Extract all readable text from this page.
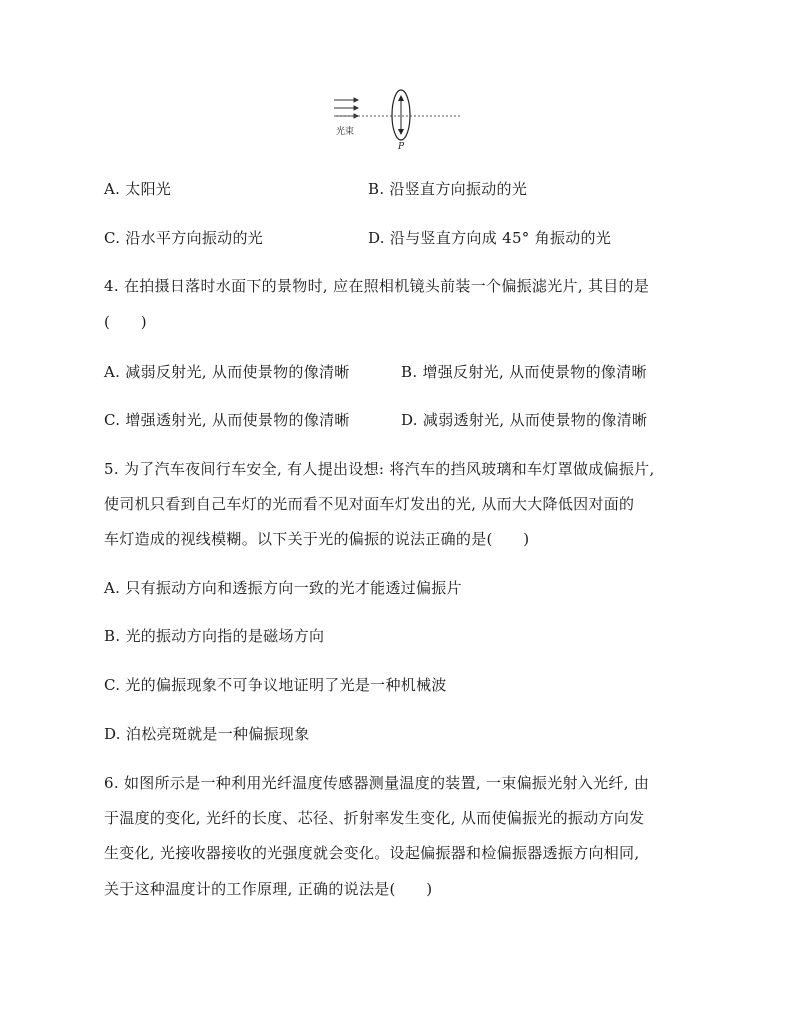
光束
P
A. 太阳光	B. 沿竖直方向振动的光
C. 沿水平方向振动的光	D. 沿与竖直方向成 45° 角振动的光
4. 在拍摄日落时水面下的景物时, 应在照相机镜头前装一个偏振滤光片, 其目的是
(　　)
A. 减弱反射光, 从而使景物的像清晰	B. 增强反射光, 从而使景物的像清晰
C. 增强透射光, 从而使景物的像清晰	D. 减弱透射光, 从而使景物的像清晰
5. 为了汽车夜间行车安全, 有人提出设想: 将汽车的挡风玻璃和车灯罩做成偏振片,
使司机只看到自己车灯的光而看不见对面车灯发出的光, 从而大大降低因对面的
车灯造成的视线模糊。以下关于光的偏振的说法正确的是(　　)
A. 只有振动方向和透振方向一致的光才能透过偏振片
B. 光的振动方向指的是磁场方向
C. 光的偏振现象不可争议地证明了光是一种机械波
D. 泊松亮斑就是一种偏振现象
6. 如图所示是一种利用光纤温度传感器测量温度的装置, 一束偏振光射入光纤, 由
于温度的变化, 光纤的长度、芯径、折射率发生变化, 从而使偏振光的振动方向发
生变化, 光接收器接收的光强度就会变化。设起偏振器和检偏振器透振方向相同,
关于这种温度计的工作原理, 正确的说法是(　　)
